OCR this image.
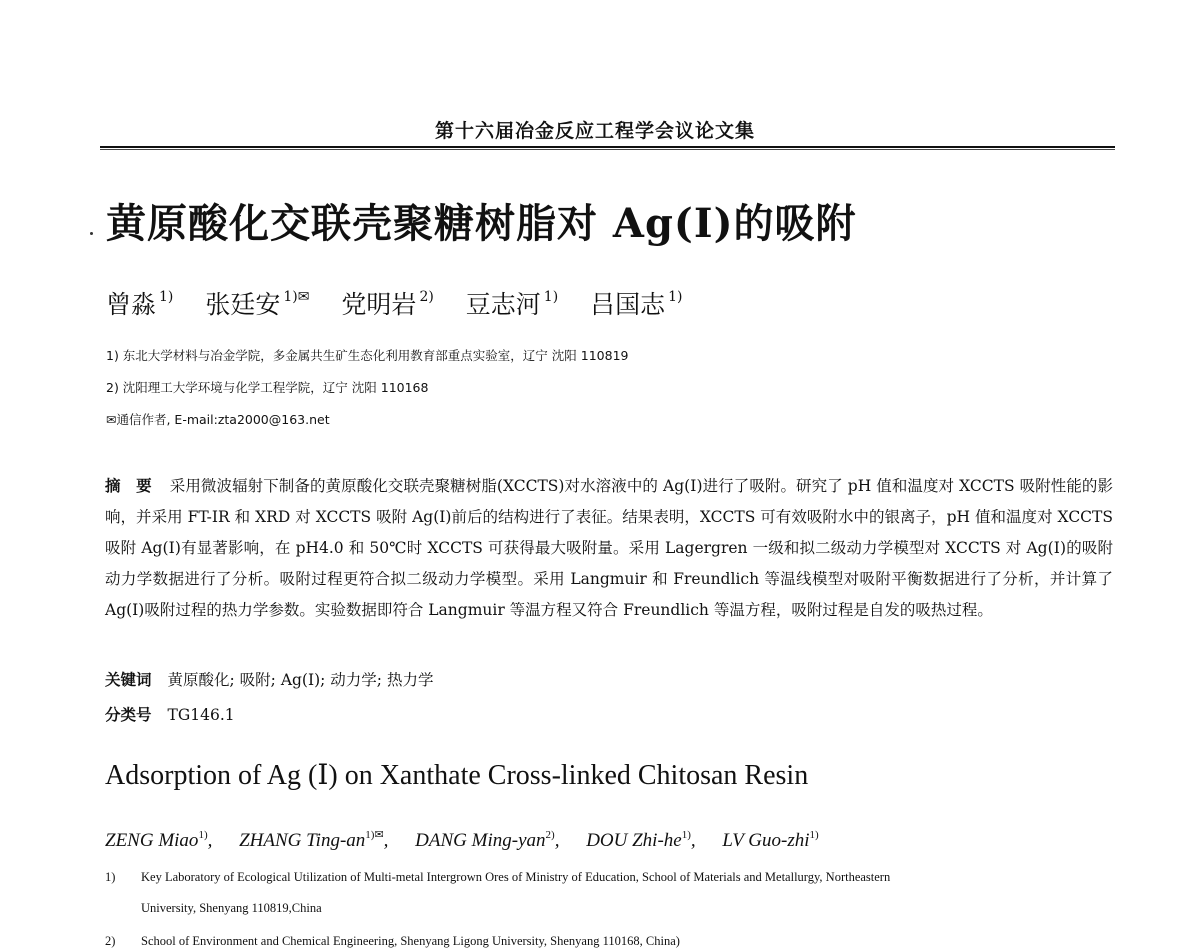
第十六届冶金反应工程学会议论文集
黄原酸化交联壳聚糖树脂对 Ag(Ⅰ)的吸附
曾淼 $^{1)}$ 张廷安 $^{1)✉}$ 党明岩 $^{2)}$ 豆志河 $^{1)}$ 吕国志 $^{1)}$
1) 东北大学材料与冶金学院，多金属共生矿生态化利用教育部重点实验室，辽宁 沈阳 110819
2) 沈阳理工大学环境与化学工程学院，辽宁 沈阳 110168
✉通信作者, E-mail:zta2000@163.net
摘　要 采用微波辐射下制备的黄原酸化交联壳聚糖树脂(XCCTS)对水溶液中的 Ag(Ⅰ)进行了吸附。研究了 pH 值和温度对 XCCTS 吸附性能的影响，并采用 FT-IR 和 XRD 对 XCCTS 吸附 Ag(Ⅰ)前后的结构进行了表征。结果表明，XCCTS 可有效吸附水中的银离子，pH 值和温度对 XCCTS 吸附 Ag(Ⅰ)有显著影响，在 pH4.0 和 50℃时 XCCTS 可获得最大吸附量。采用 Lagergren 一级和拟二级动力学模型对 XCCTS 对 Ag(Ⅰ)的吸附动力学数据进行了分析。吸附过程更符合拟二级动力学模型。采用 Langmuir 和 Freundlich 等温线模型对吸附平衡数据进行了分析，并计算了 Ag(Ⅰ)吸附过程的热力学参数。实验数据即符合 Langmuir 等温方程又符合 Freundlich 等温方程，吸附过程是自发的吸热过程。
关键词 黄原酸化; 吸附; Ag(Ⅰ); 动力学; 热力学
分类号 TG146.1
Adsorption of Ag (Ⅰ) on Xanthate Cross-linked Chitosan Resin
ZENG Miao$^{1)}$, ZHANG Ting-$an^{1)✉}$, DANG Ming-yan$^{2)}$, DOU Zhi-$he^{1)}$, LV Guo-zhi$^{1)}$
1) Key Laboratory of Ecological Utilization of Multi-metal Intergrown Ores of Ministry of Education, School of Materials and Metallurgy, Northeastern
University, Shenyang 110819,China
2) School of Environment and Chemical Engineering, Shenyang Ligong University, Shenyang 110168, China)
